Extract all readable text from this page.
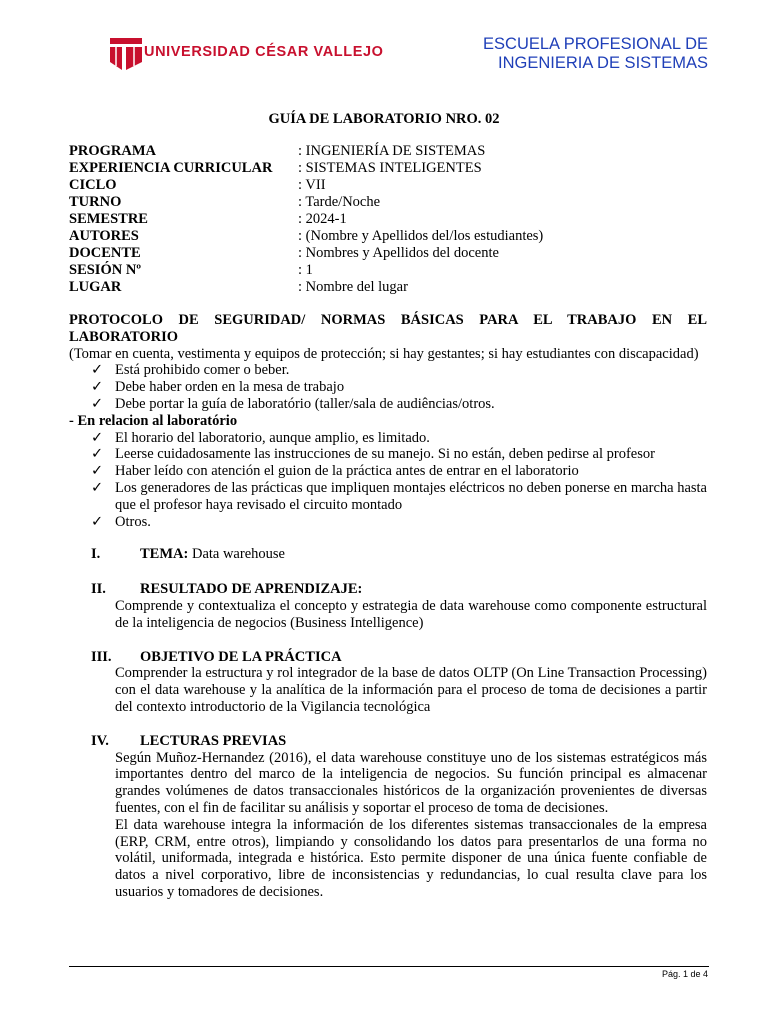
UNIVERSIDAD CÉSAR VALLEJO	ESCUELA PROFESIONAL DE
INGENIERIA DE SISTEMAS
GUÍA DE LABORATORIO NRO. 02
PROGRAMA	: INGENIERÍA DE SISTEMAS
EXPERIENCIA CURRICULAR	: SISTEMAS INTELIGENTES
CICLO	: VII
TURNO	: Tarde/Noche
SEMESTRE	: 2024-1
AUTORES	: (Nombre y Apellidos del/los estudiantes)
DOCENTE	: Nombres y Apellidos del docente
SESIÓN Nº	: 1
LUGAR	: Nombre del lugar
PROTOCOLO DE SEGURIDAD/ NORMAS BÁSICAS PARA EL TRABAJO EN EL LABORATORIO
(Tomar en cuenta, vestimenta y equipos de protección; si hay gestantes; si hay estudiantes con discapacidad)
✓ Está prohibido comer o beber.
✓ Debe haber orden en la mesa de trabajo
✓ Debe portar la guía de laboratório (taller/sala de audiências/otros.
- En relacion al laboratório
✓ El horario del laboratorio, aunque amplio, es limitado.
✓ Leerse cuidadosamente las instrucciones de su manejo. Si no están, deben pedirse al profesor
✓ Haber leído con atención el guion de la práctica antes de entrar en el laboratorio
✓ Los generadores de las prácticas que impliquen montajes eléctricos no deben ponerse en marcha hasta que el profesor haya revisado el circuito montado
✓ Otros.
I.	TEMA: Data warehouse
II.	RESULTADO DE APRENDIZAJE:
Comprende y contextualiza el concepto y estrategia de data warehouse como componente estructural de la inteligencia de negocios (Business Intelligence)
III.	OBJETIVO DE LA PRÁCTICA
Comprender la estructura y rol integrador de la base de datos OLTP (On Line Transaction Processing) con el data warehouse y la analítica de la información para el proceso de toma de decisiones a partir del contexto introductorio de la Vigilancia tecnológica
IV.	LECTURAS PREVIAS
Según Muñoz-Hernandez (2016), el data warehouse constituye uno de los sistemas estratégicos más importantes dentro del marco de la inteligencia de negocios. Su función principal es almacenar grandes volúmenes de datos transaccionales históricos de la organización provenientes de diversas fuentes, con el fin de facilitar su análisis y soportar el proceso de toma de decisiones.
El data warehouse integra la información de los diferentes sistemas transaccionales de la empresa (ERP, CRM, entre otros), limpiando y consolidando los datos para presentarlos de una forma no volátil, uniformada, integrada e histórica. Esto permite disponer de una única fuente confiable de datos a nivel corporativo, libre de inconsistencias y redundancias, lo cual resulta clave para los usuarios y tomadores de decisiones.
Pág. 1 de 4
